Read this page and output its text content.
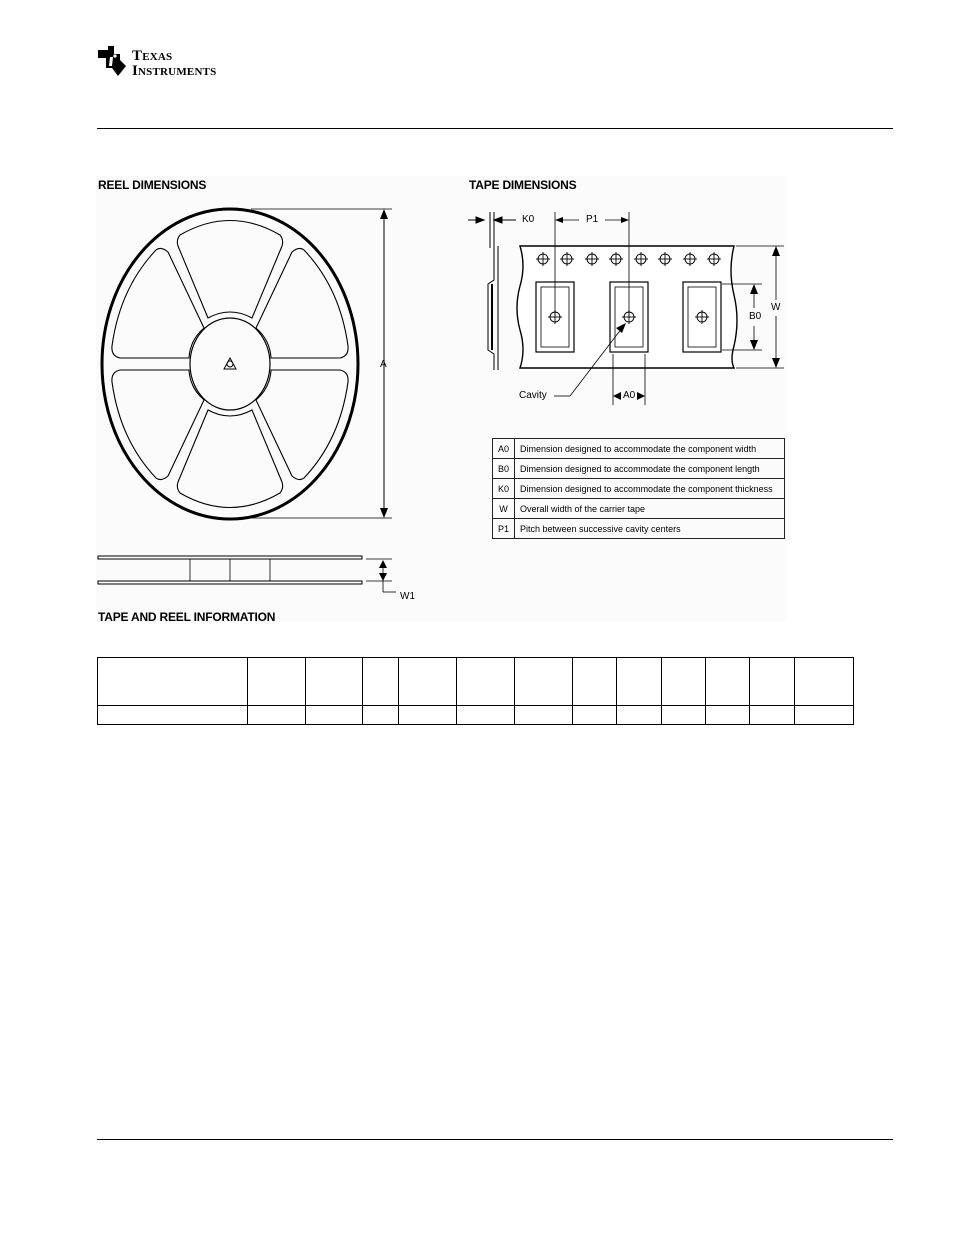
Texas
Instruments
REEL DIMENSIONS	TAPE DIMENSIONS
TAPE AND REEL INFORMATION
A
W1
K0	P1
W
B0
A0
Cavity
A0	Dimension designed to accommodate the component width
B0	Dimension designed to accommodate the component length
K0	Dimension designed to accommodate the component thickness
W	Overall width of the carrier tape
P1	Pitch between successive cavity centers
